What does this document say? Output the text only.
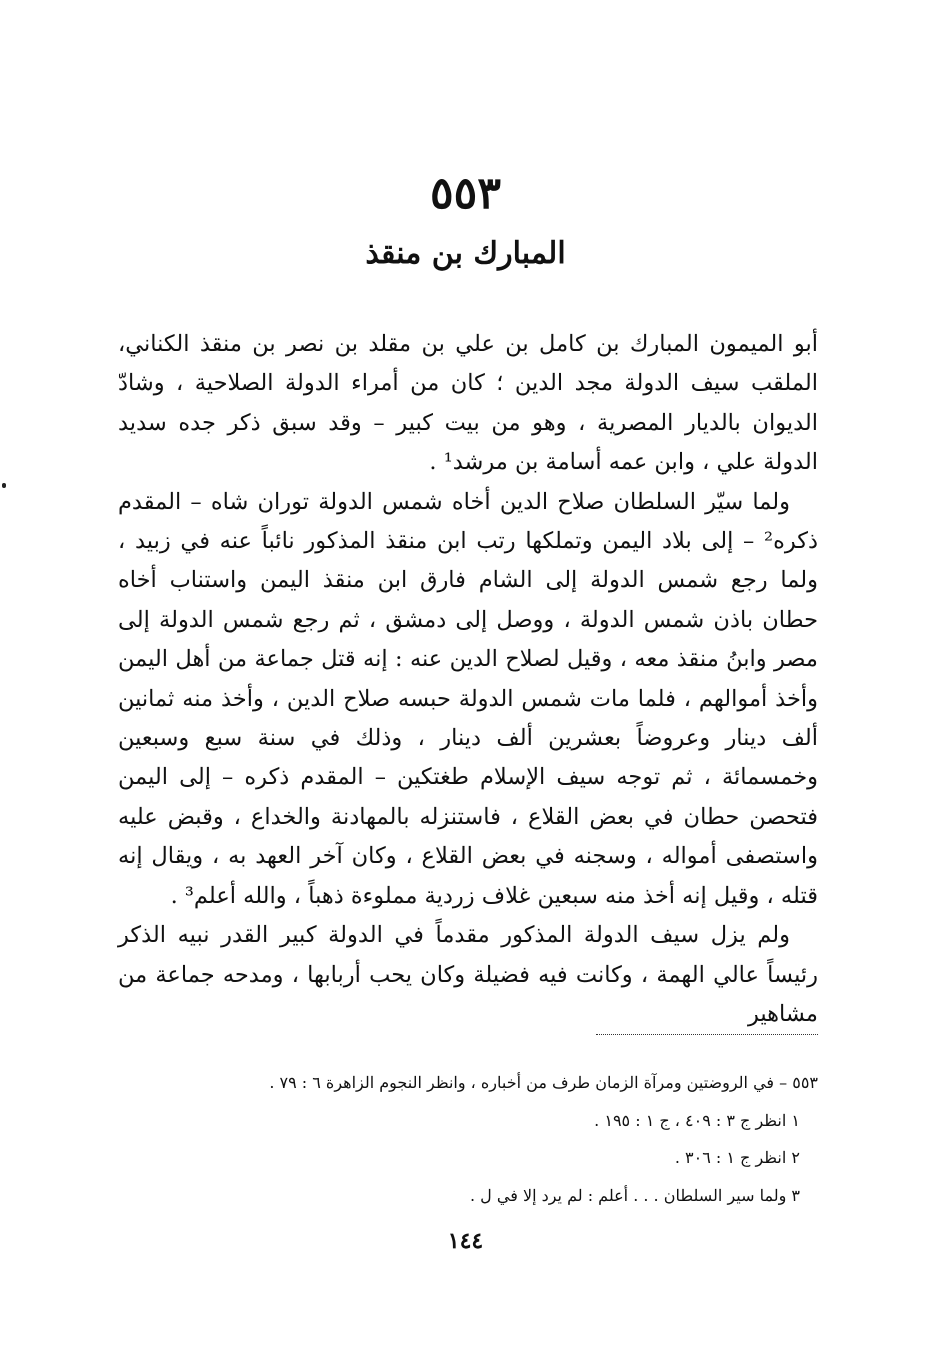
٥٥٣
المبارك بن منقذ

أبو الميمون المبارك بن كامل بن علي بن مقلد بن نصر بن منقذ الكناني، الملقب سيف الدولة مجد الدين ؛ كان من أمراء الدولة الصلاحية ، وشادّ الديوان بالديار المصرية ، وهو من بيت كبير – وقد سبق ذكر جده سديد الدولة علي ، وابن عمه أسامة بن مرشد¹ .

ولما سيّر السلطان صلاح الدين أخاه شمس الدولة توران شاه – المقدم ذكره² – إلى بلاد اليمن وتملكها رتب ابن منقذ المذكور نائباً عنه في زبيد ، ولما رجع شمس الدولة إلى الشام فارق ابن منقذ اليمن واستناب أخاه حطان باذن شمس الدولة ، ووصل إلى دمشق ، ثم رجع شمس الدولة إلى مصر وابنُ منقذ معه ، وقيل لصلاح الدين عنه : إنه قتل جماعة من أهل اليمن وأخذ أموالهم ، فلما مات شمس الدولة حبسه صلاح الدين ، وأخذ منه ثمانين ألف دينار وعروضاً بعشرين ألف دينار ، وذلك في سنة سبع وسبعين وخمسمائة ، ثم توجه سيف الإسلام طغتكين – المقدم ذكره – إلى اليمن فتحصن حطان في بعض القلاع ، فاستنزله بالمهادنة والخداع ، وقبض عليه واستصفى أمواله ، وسجنه في بعض القلاع ، وكان آخر العهد به ، ويقال إنه قتله ، وقيل إنه أخذ منه سبعين غلاف زردية مملوءة ذهباً ، والله أعلم³ .

ولم يزل سيف الدولة المذكور مقدماً في الدولة كبير القدر نبيه الذكر رئيساً عالي الهمة ، وكانت فيه فضيلة وكان يحب أربابها ، ومدحه جماعة من مشاهير

٥٥٣ – في الروضتين ومرآة الزمان طرف من أخباره ، وانظر النجوم الزاهرة ٦ : ٧٩ .
١ انظر ج ٣ : ٤٠٩ ، ج ١ : ١٩٥ .
٢ انظر ج ١ : ٣٠٦ .
٣ ولما سير السلطان . . . أعلم : لم يرد إلا في ل .
١٤٤
